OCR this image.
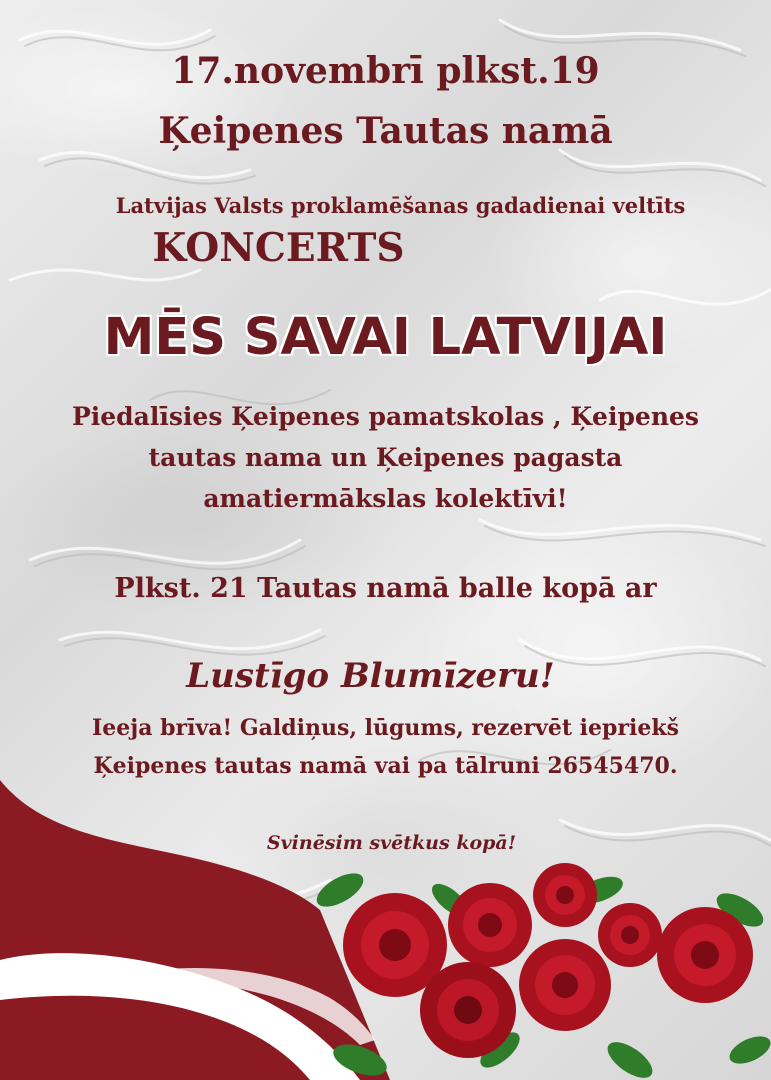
17.novembrī plkst.19

Ķeipenes Tautas namā

Latvijas Valsts proklamēšanas gadadienai veltīts

KONCERTS

MĒS SAVAI LATVIJAI

Piedalīsies Ķeipenes pamatskolas , Ķeipenes

tautas nama un Ķeipenes pagasta

amatiermākslas kolektīvi!

Plkst. 21 Tautas namā balle kopā ar

Lustīgo Blumīzeru!

Ieeja brīva! Galdiņus, lūgums, rezervēt iepriekš

Ķeipenes tautas namā vai pa tālruni 26545470.

Svinēsim svētkus kopā!
